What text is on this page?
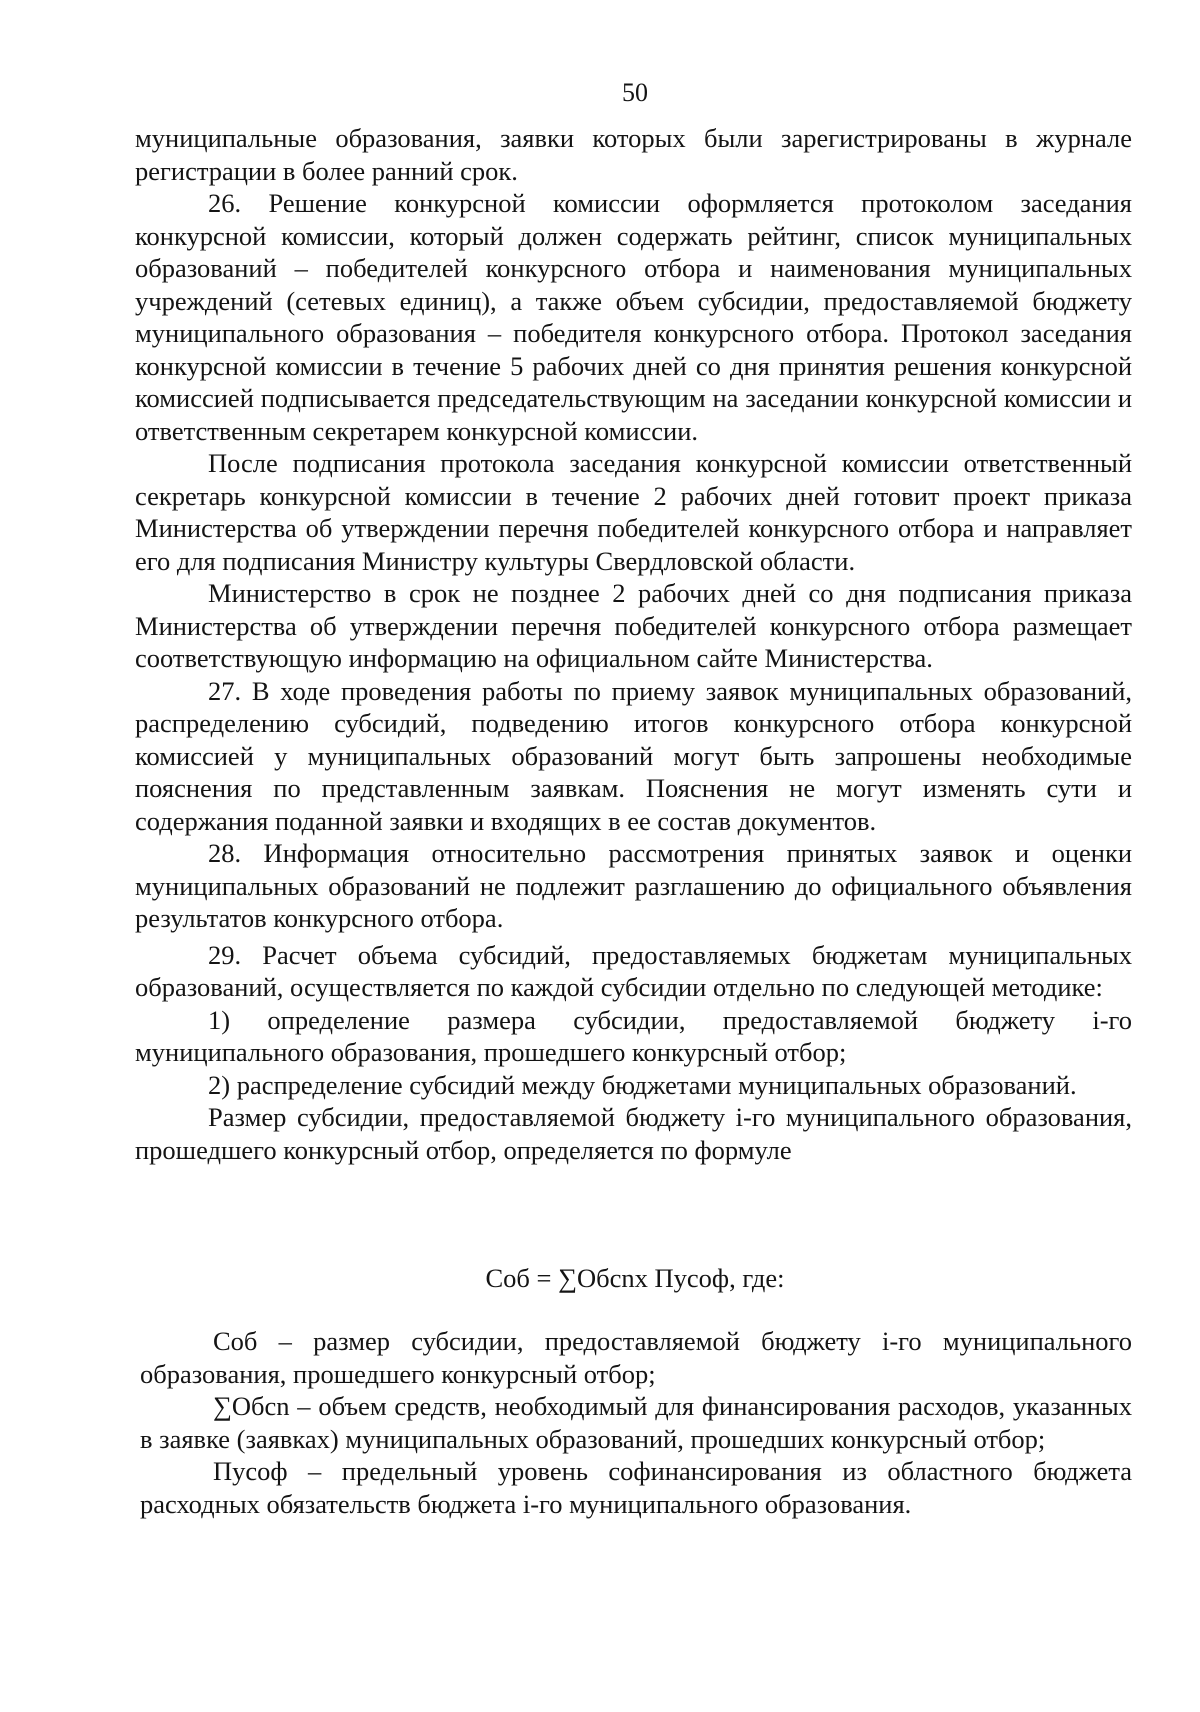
50

муниципальные образования, заявки которых были зарегистрированы в журнале регистрации в более ранний срок.

26. Решение конкурсной комиссии оформляется протоколом заседания конкурсной комиссии, который должен содержать рейтинг, список муниципальных образований – победителей конкурсного отбора и наименования муниципальных учреждений (сетевых единиц), а также объем субсидии, предоставляемой бюджету муниципального образования – победителя конкурсного отбора. Протокол заседания конкурсной комиссии в течение 5 рабочих дней со дня принятия решения конкурсной комиссией подписывается председательствующим на заседании конкурсной комиссии и ответственным секретарем конкурсной комиссии.

После подписания протокола заседания конкурсной комиссии ответственный секретарь конкурсной комиссии в течение 2 рабочих дней готовит проект приказа Министерства об утверждении перечня победителей конкурсного отбора и направляет его для подписания Министру культуры Свердловской области.

Министерство в срок не позднее 2 рабочих дней со дня подписания приказа Министерства об утверждении перечня победителей конкурсного отбора размещает соответствующую информацию на официальном сайте Министерства.

27. В ходе проведения работы по приему заявок муниципальных образований, распределению субсидий, подведению итогов конкурсного отбора конкурсной комиссией у муниципальных образований могут быть запрошены необходимые пояснения по представленным заявкам. Пояснения не могут изменять сути и содержания поданной заявки и входящих в ее состав документов.

28. Информация относительно рассмотрения принятых заявок и оценки муниципальных образований не подлежит разглашению до официального объявления результатов конкурсного отбора.

29. Расчет объема субсидий, предоставляемых бюджетам муниципальных образований, осуществляется по каждой субсидии отдельно по следующей методике:

1) определение размера субсидии, предоставляемой бюджету i-го муниципального образования, прошедшего конкурсный отбор;

2) распределение субсидий между бюджетами муниципальных образований.

Размер субсидии, предоставляемой бюджету i-го муниципального образования, прошедшего конкурсный отбор, определяется по формуле

Соб = ∑Обсnх Пусоф, где:

Соб – размер субсидии, предоставляемой бюджету i-го муниципального образования, прошедшего конкурсный отбор;

∑Обсn – объем средств, необходимый для финансирования расходов, указанных в заявке (заявках) муниципальных образований, прошедших конкурсный отбор;

Пусоф – предельный уровень софинансирования из областного бюджета расходных обязательств бюджета i-го муниципального образования.
